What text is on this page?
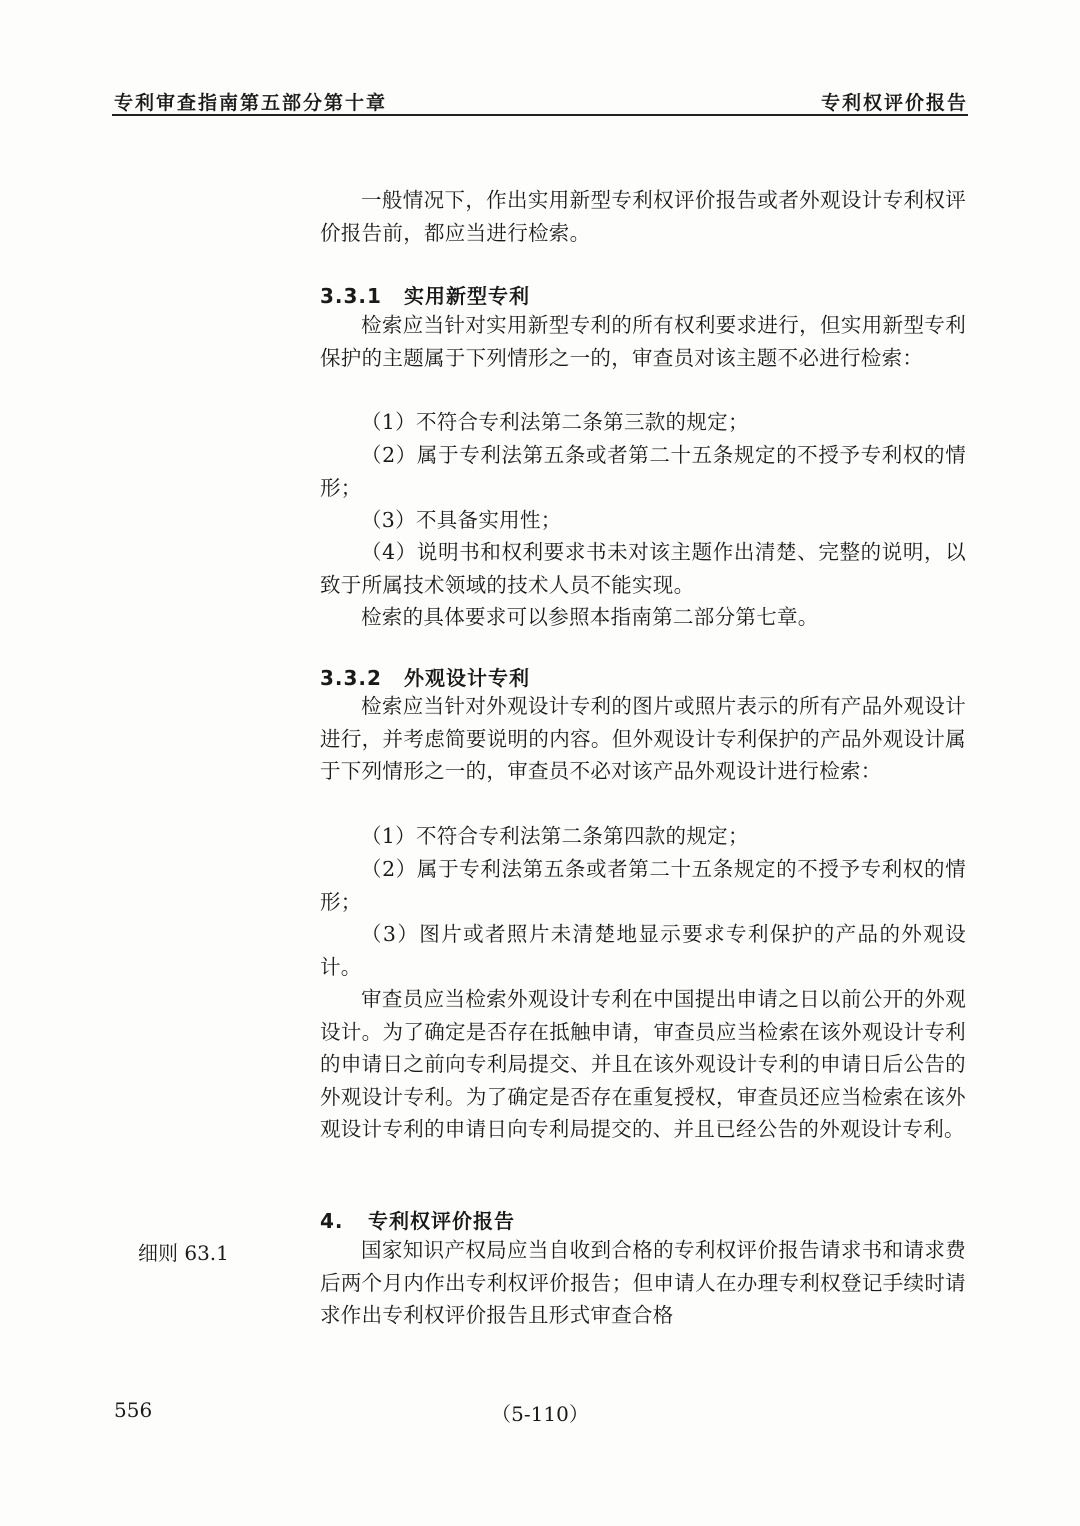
专利审查指南第五部分第十章	专利权评价报告

一般情况下，作出实用新型专利权评价报告或者外观设计专利权评价报告前，都应当进行检索。

3.3.1 实用新型专利

检索应当针对实用新型专利的所有权利要求进行，但实用新型专利保护的主题属于下列情形之一的，审查员对该主题不必进行检索：

（1）不符合专利法第二条第三款的规定；

（2）属于专利法第五条或者第二十五条规定的不授予专利权的情形；

（3）不具备实用性；

（4）说明书和权利要求书未对该主题作出清楚、完整的说明，以致于所属技术领域的技术人员不能实现。

检索的具体要求可以参照本指南第二部分第七章。

3.3.2 外观设计专利

检索应当针对外观设计专利的图片或照片表示的所有产品外观设计进行，并考虑简要说明的内容。但外观设计专利保护的产品外观设计属于下列情形之一的，审查员不必对该产品外观设计进行检索：

（1）不符合专利法第二条第四款的规定；

（2）属于专利法第五条或者第二十五条规定的不授予专利权的情形；

（3）图片或者照片未清楚地显示要求专利保护的产品的外观设计。

审查员应当检索外观设计专利在中国提出申请之日以前公开的外观设计。为了确定是否存在抵触申请，审查员应当检索在该外观设计专利的申请日之前向专利局提交、并且在该外观设计专利的申请日后公告的外观设计专利。为了确定是否存在重复授权，审查员还应当检索在该外观设计专利的申请日向专利局提交的、并且已经公告的外观设计专利。

4. 专利权评价报告
细则 63.1	国家知识产权局应当自收到合格的专利权评价报告请求书和请求费后两个月内作出专利权评价报告；但申请人在办理专利权登记手续时请求作出专利权评价报告且形式审查合格

556	（5-110）
